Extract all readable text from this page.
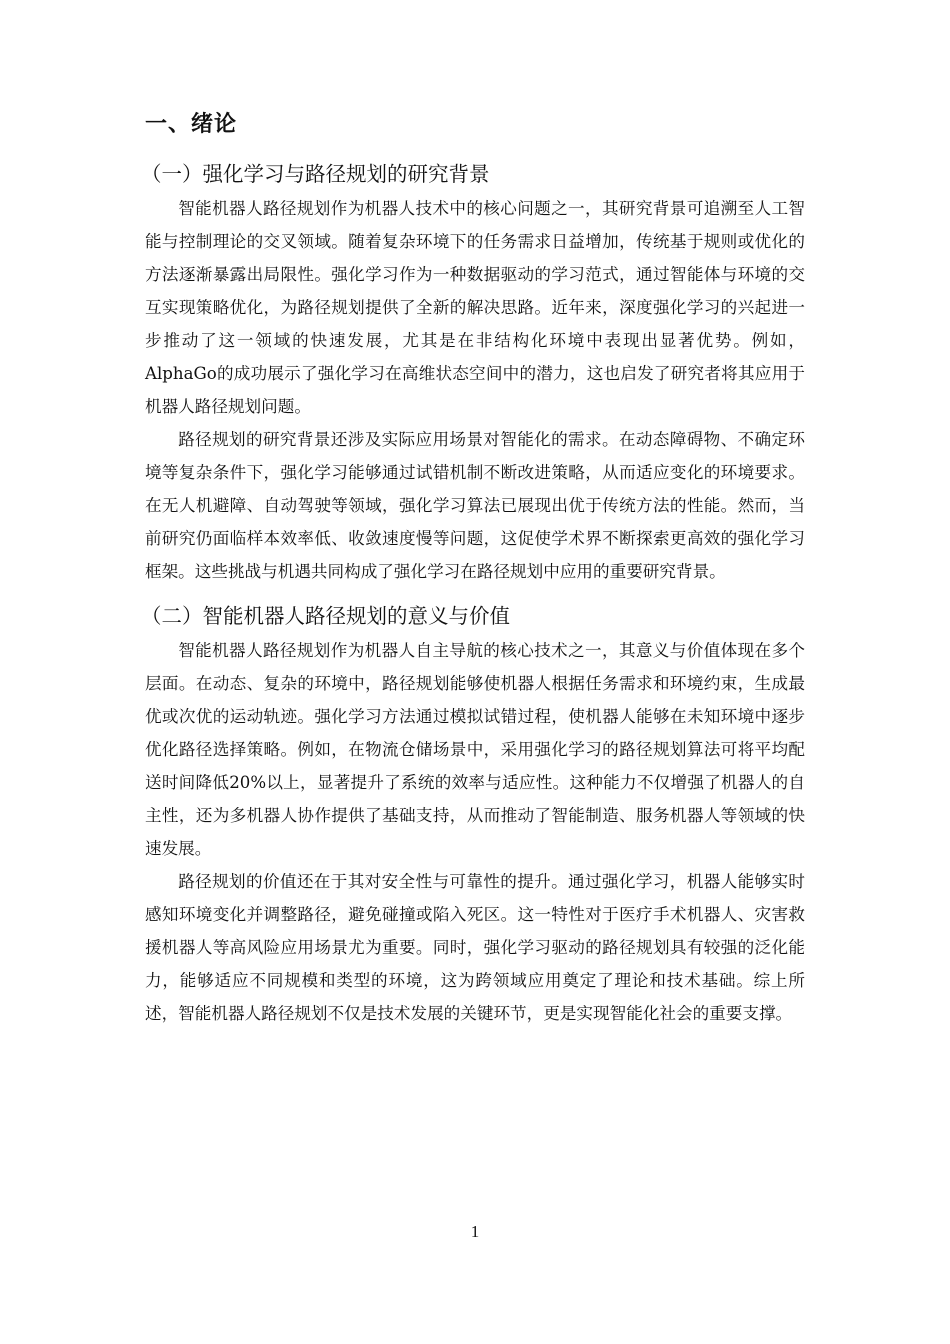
一、绪论
（一）强化学习与路径规划的研究背景

智能机器人路径规划作为机器人技术中的核心问题之一，其研究背景可追溯至人工智能与控制理论的交叉领域。随着复杂环境下的任务需求日益增加，传统基于规则或优化的方法逐渐暴露出局限性。强化学习作为一种数据驱动的学习范式，通过智能体与环境的交互实现策略优化，为路径规划提供了全新的解决思路。近年来，深度强化学习的兴起进一步推动了这一领域的快速发展，尤其是在非结构化环境中表现出显著优势。例如，AlphaGo的成功展示了强化学习在高维状态空间中的潜力，这也启发了研究者将其应用于机器人路径规划问题。

路径规划的研究背景还涉及实际应用场景对智能化的需求。在动态障碍物、不确定环境等复杂条件下，强化学习能够通过试错机制不断改进策略，从而适应变化的环境要求。在无人机避障、自动驾驶等领域，强化学习算法已展现出优于传统方法的性能。然而，当前研究仍面临样本效率低、收敛速度慢等问题，这促使学术界不断探索更高效的强化学习框架。这些挑战与机遇共同构成了强化学习在路径规划中应用的重要研究背景。

（二）智能机器人路径规划的意义与价值

智能机器人路径规划作为机器人自主导航的核心技术之一，其意义与价值体现在多个层面。在动态、复杂的环境中，路径规划能够使机器人根据任务需求和环境约束，生成最优或次优的运动轨迹。强化学习方法通过模拟试错过程，使机器人能够在未知环境中逐步优化路径选择策略。例如，在物流仓储场景中，采用强化学习的路径规划算法可将平均配送时间降低20%以上，显著提升了系统的效率与适应性。这种能力不仅增强了机器人的自主性，还为多机器人协作提供了基础支持，从而推动了智能制造、服务机器人等领域的快速发展。

路径规划的价值还在于其对安全性与可靠性的提升。通过强化学习，机器人能够实时感知环境变化并调整路径，避免碰撞或陷入死区。这一特性对于医疗手术机器人、灾害救援机器人等高风险应用场景尤为重要。同时，强化学习驱动的路径规划具有较强的泛化能力，能够适应不同规模和类型的环境，这为跨领域应用奠定了理论和技术基础。综上所述，智能机器人路径规划不仅是技术发展的关键环节，更是实现智能化社会的重要支撑。

1
